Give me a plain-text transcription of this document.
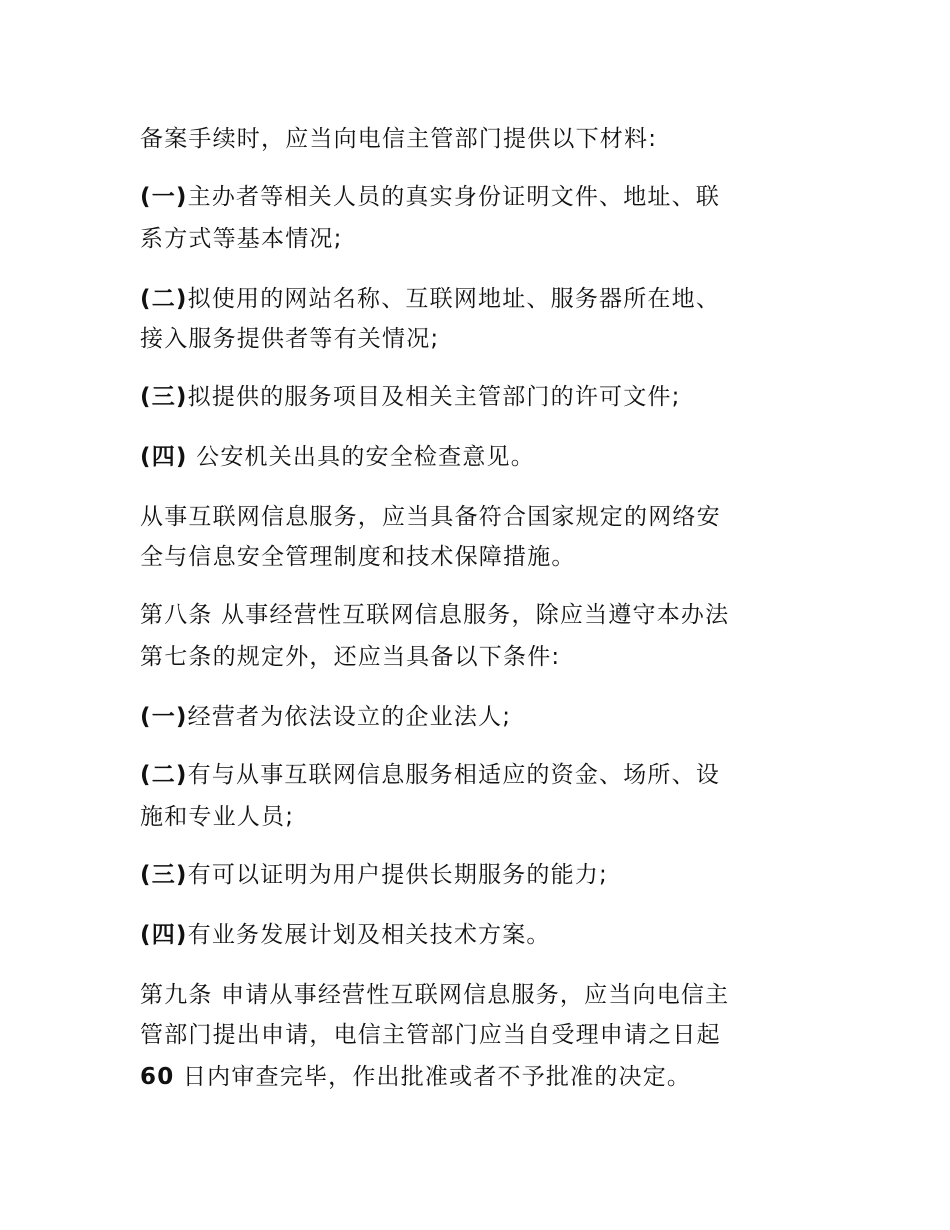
备案手续时，应当向电信主管部门提供以下材料:
(一)主办者等相关人员的真实身份证明文件、地址、联
系方式等基本情况;
(二)拟使用的网站名称、互联网地址、服务器所在地、
接入服务提供者等有关情况;
(三)拟提供的服务项目及相关主管部门的许可文件;
(四) 公安机关出具的安全检查意见。
从事互联网信息服务，应当具备符合国家规定的网络安
全与信息安全管理制度和技术保障措施。
第八条 从事经营性互联网信息服务，除应当遵守本办法
第七条的规定外，还应当具备以下条件:
(一)经营者为依法设立的企业法人;
(二)有与从事互联网信息服务相适应的资金、场所、设
施和专业人员;
(三)有可以证明为用户提供长期服务的能力;
(四)有业务发展计划及相关技术方案。
第九条 申请从事经营性互联网信息服务，应当向电信主
管部门提出申请，电信主管部门应当自受理申请之日起
60 日内审查完毕，作出批准或者不予批准的决定。
